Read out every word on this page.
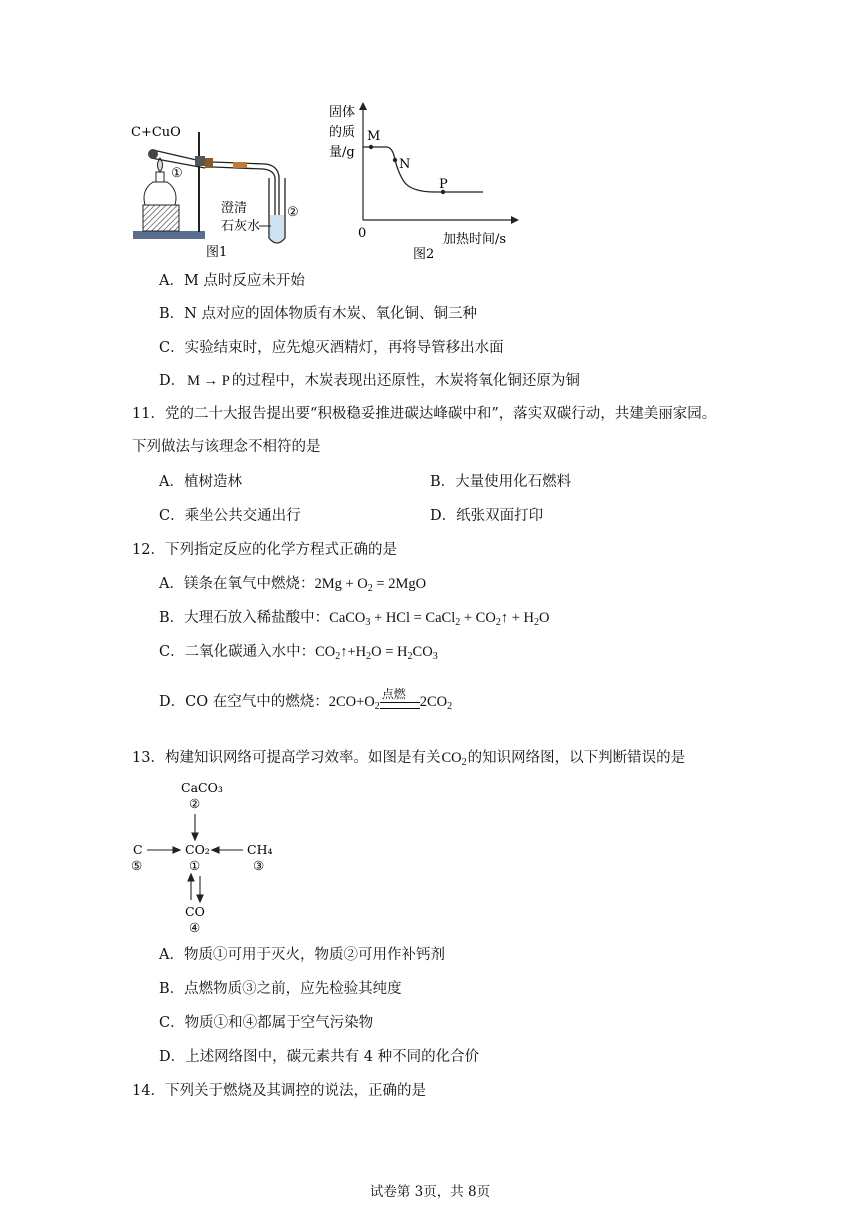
C+CuO
①
②
澄清
石灰水
图1
固体
的质
量/g
0	加热时间/s
M
N
P
图2
A．M 点时反应未开始
B．N 点对应的固体物质有木炭、氧化铜、铜三种
C．实验结束时，应先熄灭酒精灯，再将导管移出水面
D． M → P 的过程中，木炭表现出还原性，木炭将氧化铜还原为铜
11．党的二十大报告提出要“积极稳妥推进碳达峰碳中和”，落实双碳行动，共建美丽家园。
下列做法与该理念不相符的是
A．植树造林	B．大量使用化石燃料
C．乘坐公共交通出行	D．纸张双面打印
12．下列指定反应的化学方程式正确的是
A．镁条在氧气中燃烧：$2Mg + O_2 = 2MgO$
B．大理石放入稀盐酸中：CaCO$_3$ + HCl = CaCl$_2$ + $CO_2↑ + H_2O$
C．二氧化碳通入水中：$CO_2↑+H_2O = H_2CO_3$
D．CO 在空气中的燃烧：$2CO+O_2$
点燃
$2CO_2$
13．构建知识网络可提高学习效率。如图是有关$CO_2$的知识网络图，以下判断错误的是
CaCO₃
②
CO₂
①
C
⑤
CH₄
③
CO
④
A．物质①可用于灭火，物质②可用作补钙剂
B．点燃物质③之前，应先检验其纯度
C．物质①和④都属于空气污染物
D．上述网络图中，碳元素共有 4 种不同的化合价
14．下列关于燃烧及其调控的说法，正确的是
试卷第 3页，共 8页
